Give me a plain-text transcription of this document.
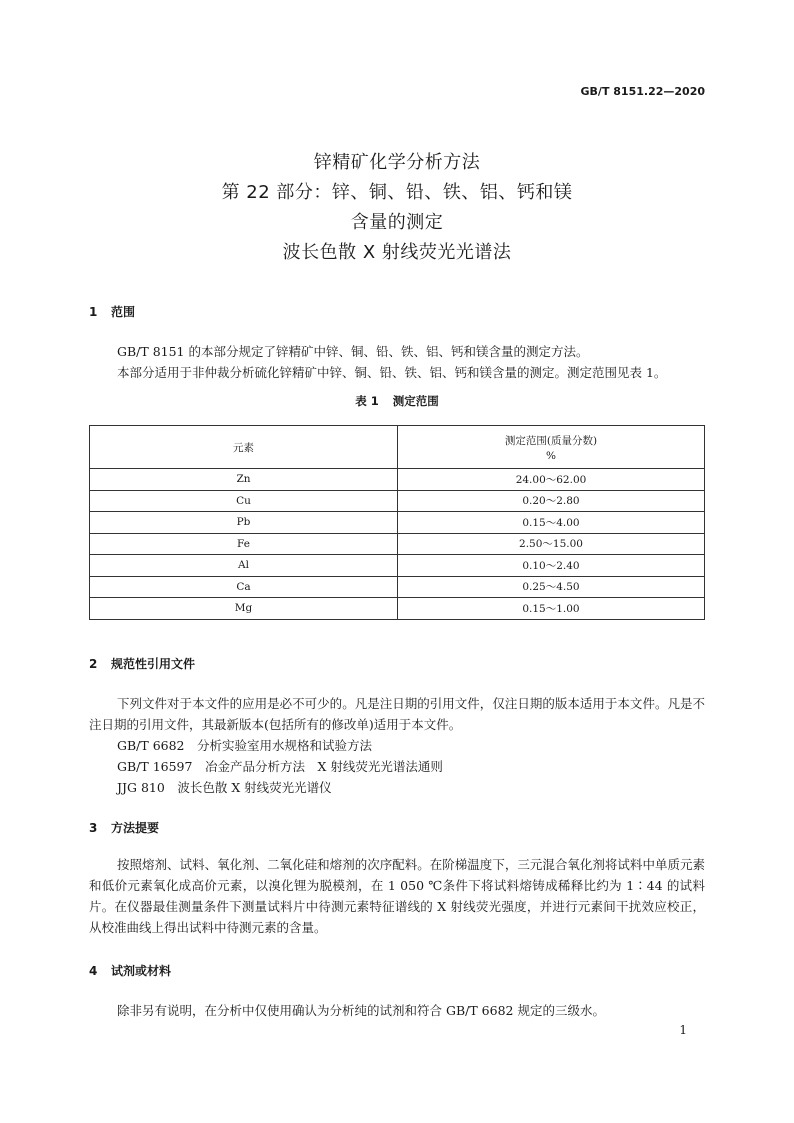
GB/T 8151.22—2020
锌精矿化学分析方法
第 22 部分：锌、铜、铅、铁、铝、钙和镁
含量的测定
波长色散 X 射线荧光光谱法
1 范围

GB/T 8151 的本部分规定了锌精矿中锌、铜、铅、铁、铝、钙和镁含量的测定方法。

本部分适用于非仲裁分析硫化锌精矿中锌、铜、铅、铁、铝、钙和镁含量的测定。测定范围见表 1。

表 1 测定范围
元素	测定范围(质量分数)
%

Zn	24.00～62.00
Cu	0.20～2.80
Pb	0.15～4.00
Fe	2.50～15.00
Al	0.10～2.40
Ca	0.25～4.50
Mg	0.15～1.00
2 规范性引用文件

下列文件对于本文件的应用是必不可少的。凡是注日期的引用文件，仅注日期的版本适用于本文件。凡是不注日期的引用文件，其最新版本(包括所有的修改单)适用于本文件。

GB/T 6682　分析实验室用水规格和试验方法

GB/T 16597　冶金产品分析方法　X 射线荧光光谱法通则

JJG 810　波长色散 X 射线荧光光谱仪

3 方法提要

按照熔剂、试料、氧化剂、二氧化硅和熔剂的次序配料。在阶梯温度下，三元混合氧化剂将试料中单质元素和低价元素氧化成高价元素，以溴化锂为脱模剂，在 1 050 ℃条件下将试料熔铸成稀释比约为 1∶44 的试料片。在仪器最佳测量条件下测量试料片中待测元素特征谱线的 X 射线荧光强度，并进行元素间干扰效应校正，从校准曲线上得出试料中待测元素的含量。

4 试剂或材料

除非另有说明，在分析中仅使用确认为分析纯的试剂和符合 GB/T 6682 规定的三级水。

1
